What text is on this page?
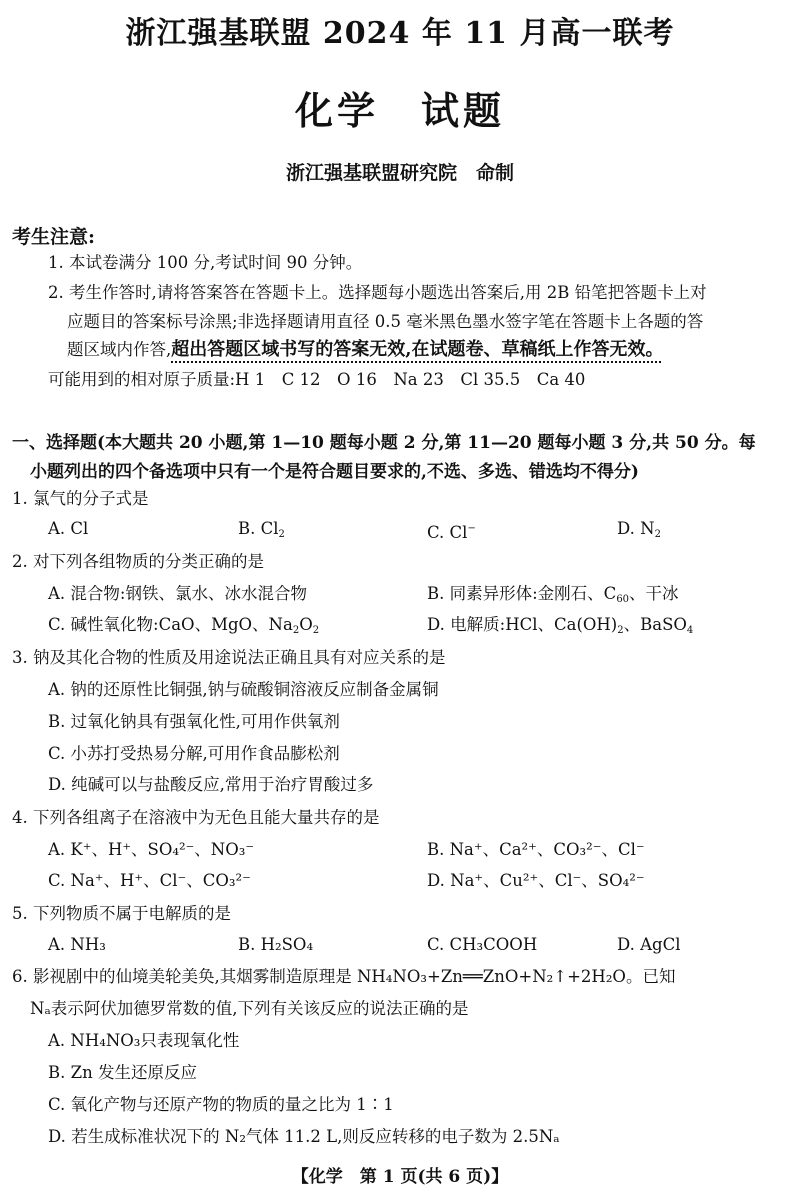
浙江强基联盟 2024 年 11 月高一联考
化学　试题
浙江强基联盟研究院　命制
考生注意:
1. 本试卷满分 100 分,考试时间 90 分钟。
2. 考生作答时,请将答案答在答题卡上。选择题每小题选出答案后,用 2B 铅笔把答题卡上对
应题目的答案标号涂黑;非选择题请用直径 0.5 毫米黑色墨水签字笔在答题卡上各题的答
题区域内作答,超出答题区域书写的答案无效,在试题卷、草稿纸上作答无效。
可能用到的相对原子质量:H 1　C 12　O 16　Na 23　Cl 35.5　Ca 40
一、选择题(本大题共 20 小题,第 1—10 题每小题 2 分,第 11—20 题每小题 3 分,共 50 分。每
小题列出的四个备选项中只有一个是符合题目要求的,不选、多选、错选均不得分)
1. 氯气的分子式是
A. Cl	B. $Cl_2$	C. Cl−	D. $N_2$
2. 对下列各组物质的分类正确的是
A. 混合物:钢铁、氯水、冰水混合物	B. 同素异形体:金刚石、$C_{60}$、干冰
C. 碱性氧化物:CaO、MgO、$Na_2O_2$	D. 电解质:HCl、$Ca(OH)_2$、BaSO$_4$
3. 钠及其化合物的性质及用途说法正确且具有对应关系的是
A. 钠的还原性比铜强,钠与硫酸铜溶液反应制备金属铜
B. 过氧化钠具有强氧化性,可用作供氧剂
C. 小苏打受热易分解,可用作食品膨松剂
D. 纯碱可以与盐酸反应,常用于治疗胃酸过多
4. 下列各组离子在溶液中为无色且能大量共存的是
A. K⁺、H⁺、SO₄²⁻、NO₃⁻	B. Na⁺、Ca²⁺、CO₃²⁻、Cl⁻
C. Na⁺、H⁺、Cl⁻、CO₃²⁻	D. Na⁺、Cu²⁺、Cl⁻、SO₄²⁻
5. 下列物质不属于电解质的是
A. NH₃	B. H₂SO₄	C. CH₃COOH	D. AgCl
6. 影视剧中的仙境美轮美奂,其烟雾制造原理是 NH₄NO₃+Zn══ZnO+N₂↑+2H₂O。已知
Nₐ表示阿伏加德罗常数的值,下列有关该反应的说法正确的是
A. NH₄NO₃只表现氧化性
B. Zn 发生还原反应
C. 氧化产物与还原产物的物质的量之比为 1∶1
D. 若生成标准状况下的 N₂气体 11.2 L,则反应转移的电子数为 2.5Nₐ
【化学　第 1 页(共 6 页)】
